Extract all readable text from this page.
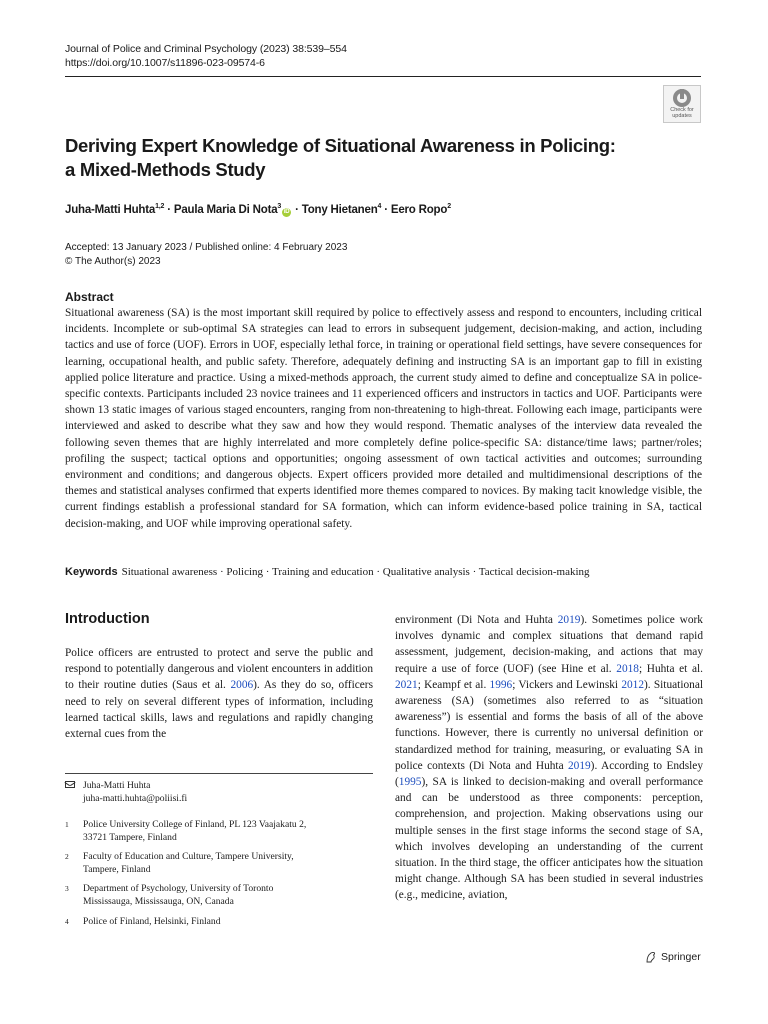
Journal of Police and Criminal Psychology (2023) 38:539–554
https://doi.org/10.1007/s11896-023-09574-6
Check for
updates
Deriving Expert Knowledge of Situational Awareness in Policing:
a Mixed-Methods Study
Juha-Matti Huhta$^{1,2}$ · Paula Maria Di Nota$^3$iD · Tony Hietanen$^4$ · Eero Ropo$^2$
Accepted: 13 January 2023 / Published online: 4 February 2023
© The Author(s) 2023
Abstract
Situational awareness (SA) is the most important skill required by police to effectively assess and respond to encounters, including critical incidents. Incomplete or sub-optimal SA strategies can lead to errors in subsequent judgement, decision-making, and action, including tactics and use of force (UOF). Errors in UOF, especially lethal force, in training or operational field settings, have severe consequences for learning, occupational health, and public safety. Therefore, adequately defining and instructing SA is an important gap to fill in existing applied police literature and practice. Using a mixed-methods approach, the current study aimed to define and conceptualize SA in police-specific contexts. Participants included 23 novice trainees and 11 experienced officers and instructors in tactics and UOF. Participants were shown 13 static images of various staged encounters, ranging from non-threatening to high-threat. Following each image, participants were interviewed and asked to describe what they saw and how they would respond. Thematic analyses of the interview data revealed the following seven themes that are highly interrelated and more completely define police-specific SA: distance/time laws; partner/roles; profiling the suspect; tactical options and opportunities; ongoing assessment of own tactical activities and outcomes; surrounding environment and conditions; and dangerous objects. Expert officers provided more detailed and multidimensional descriptions of the themes and statistical analyses confirmed that experts identified more themes compared to novices. By making tacit knowledge visible, the current findings establish a professional standard for SA formation, which can inform evidence-based police training in SA, tactical decision-making, and UOF while improving operational safety.
Keywords Situational awareness · Policing · Training and education · Qualitative analysis · Tactical decision-making
Introduction
Police officers are entrusted to protect and serve the public and respond to potentially dangerous and violent encounters in addition to their routine duties (Saus et al. 2006). As they do so, officers need to rely on several different types of information, including learned tactical skills, laws and regulations and rapidly changing external cues from the
environment (Di Nota and Huhta 2019). Sometimes police work involves dynamic and complex situations that demand rapid assessment, judgement, decision-making, and actions that may require a use of force (UOF) (see Hine et al. 2018; Huhta et al. 2021; Keampf et al. 1996; Vickers and Lewinski 2012). Situational awareness (SA) (sometimes also referred to as “situation awareness”) is essential and forms the basis of all of the above functions. However, there is currently no universal definition or standardized method for training, measuring, or evaluating SA in police contexts (Di Nota and Huhta 2019). According to Endsley (1995), SA is linked to decision-making and overall performance and can be understood as three components: perception, comprehension, and projection. Making observations using our multiple senses in the first stage informs the second stage of SA, which involves developing an understanding of the current situation. In the third stage, the officer anticipates how the situation might change. Although SA has been studied in several industries (e.g., medicine, aviation,
Juha-Matti Huhta
juha-matti.huhta@poliisi.fi
1 Police University College of Finland, PL 123 Vaajakatu 2,
33721 Tampere, Finland
2 Faculty of Education and Culture, Tampere University,
Tampere, Finland
3 Department of Psychology, University of Toronto
Mississauga, Mississauga, ON, Canada
4 Police of Finland, Helsinki, Finland
Springer
